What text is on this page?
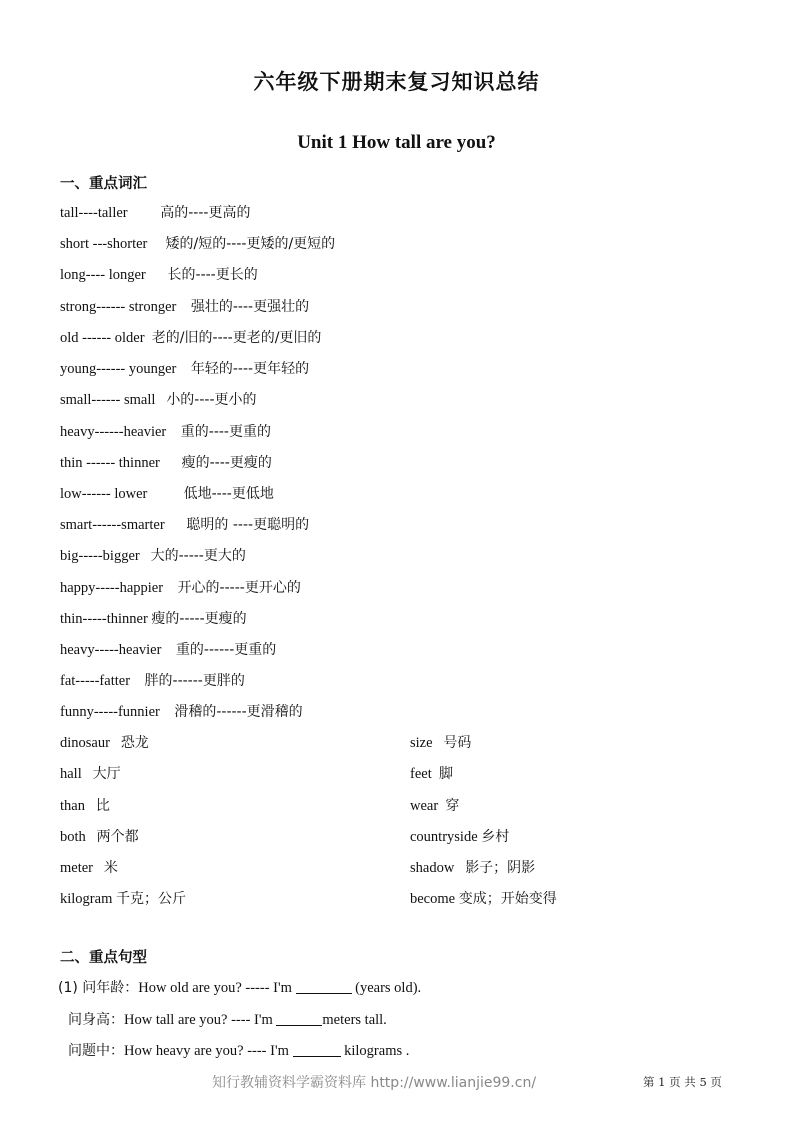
六年级下册期末复习知识总结
Unit 1 How tall are you?
一、重点词汇
tall----taller 高的----更高的
short ---shorter 矮的/短的----更矮的/更短的
long---- longer 长的----更长的
strong------ stronger 强壮的----更强壮的
old ------ older 老的/旧的----更老的/更旧的
young------ younger 年轻的----更年轻的
small------ small 小的----更小的
heavy------heavier 重的----更重的
thin ------ thinner 瘦的----更瘦的
low------ lower	低地----更低地
smart------smarter 聪明的 ----更聪明的
big-----bigger 大的-----更大的
happy-----happier 开心的-----更开心的
thin-----thinner 瘦的-----更瘦的
heavy-----heavier 重的------更重的
fat-----fatter 胖的------更胖的
funny-----funnier 滑稽的------更滑稽的
dinosaur 恐龙	size 号码
hall 大厅	feet 脚
than 比	wear 穿
both 两个都	countryside 乡村
meter 米	shadow 影子；阴影
kilogram 千克；公斤	become 变成；开始变得
二、重点句型
(1) 问年龄：How old are you? ----- I'm	(years old).
问身高：How tall are you? ---- I'm	meters tall.
问题中：How heavy are you? ---- I'm	kilograms .
知行教辅资料学霸资料库 http://www.lianjie99.cn/	第 1 页 共 5 页
